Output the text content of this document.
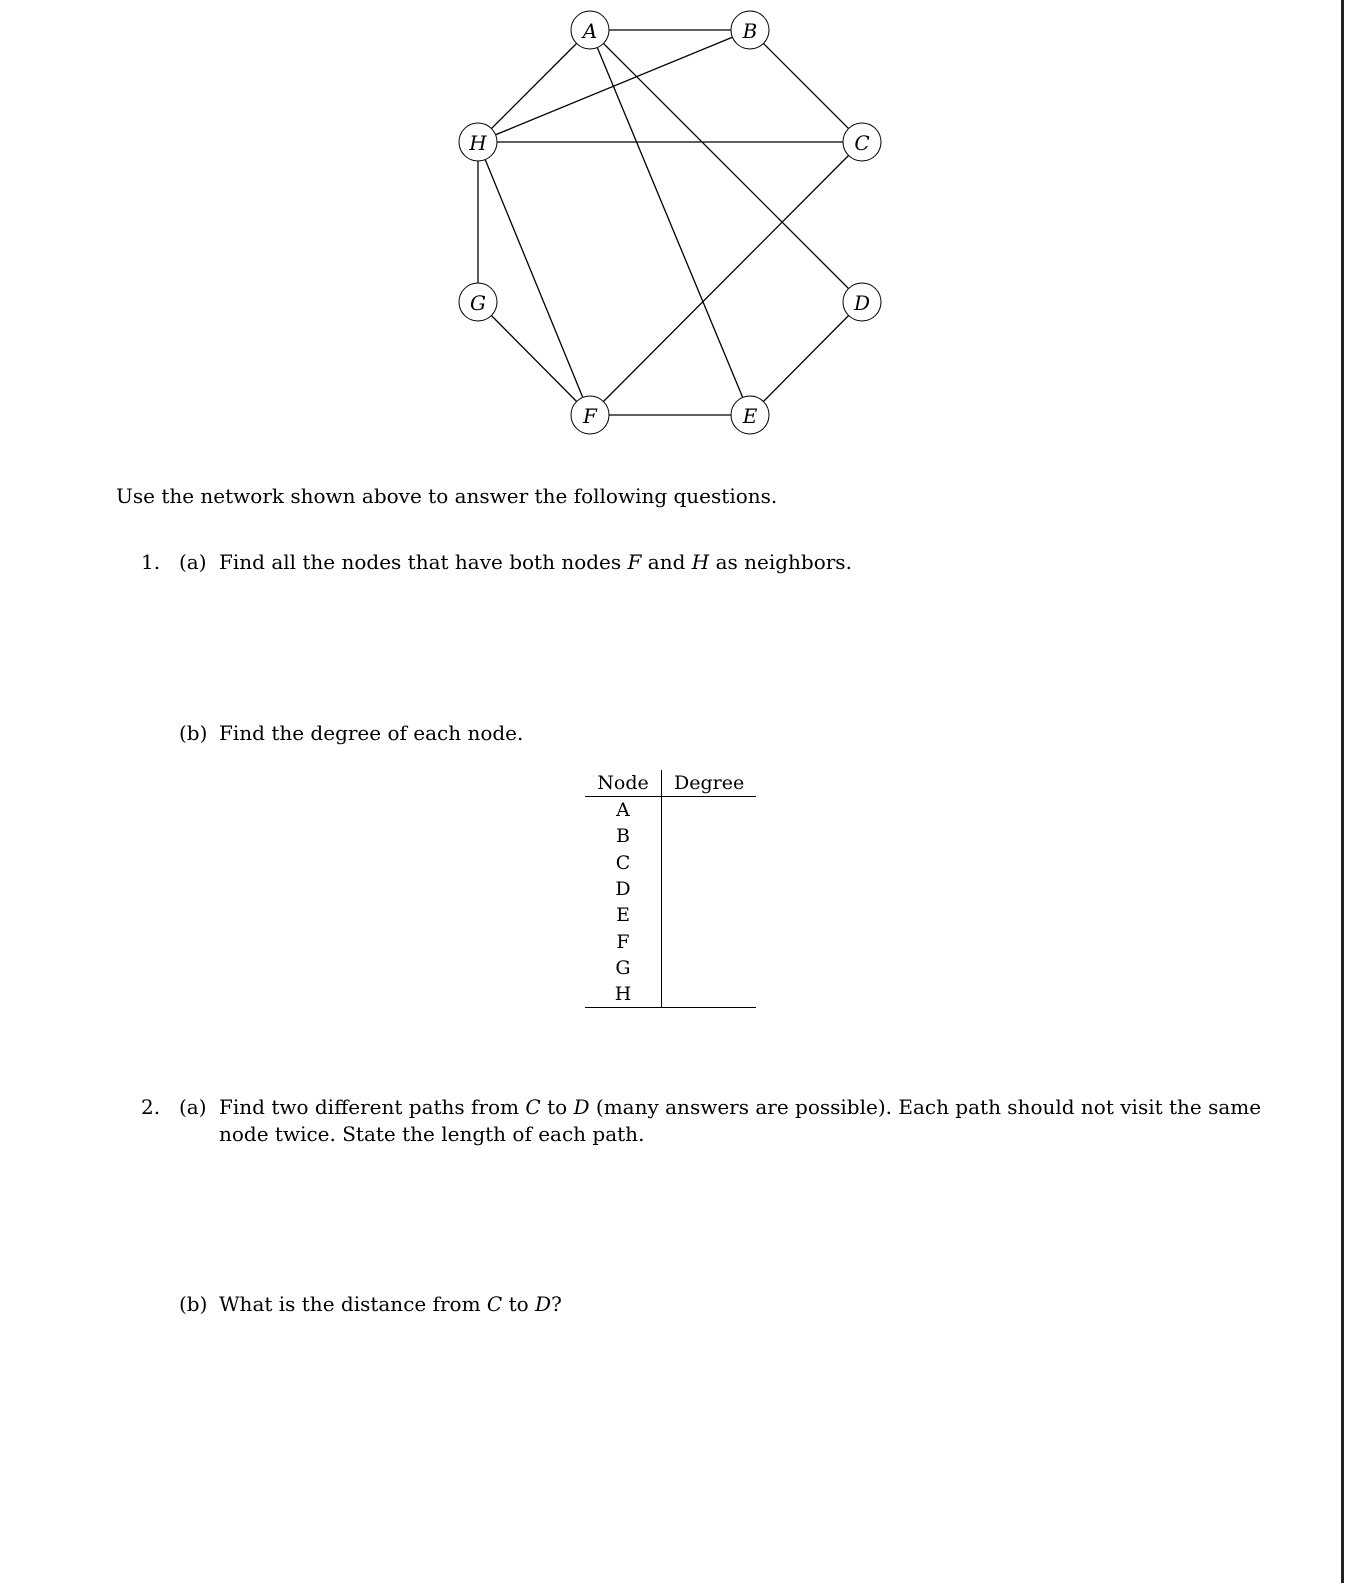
A	B
C
D
E
F
G
H
Use the network shown above to answer the following questions.
1. (a) Find all the nodes that have both nodes F and H as neighbors.
(b) Find the degree of each node.
Node	Degree
A	
B	
C	
D	
E	
F	
G	
H	
2. (a) Find two different paths from C to D (many answers are possible). Each path should not visit the same
node twice. State the length of each path.
(b) What is the distance from C to D?
